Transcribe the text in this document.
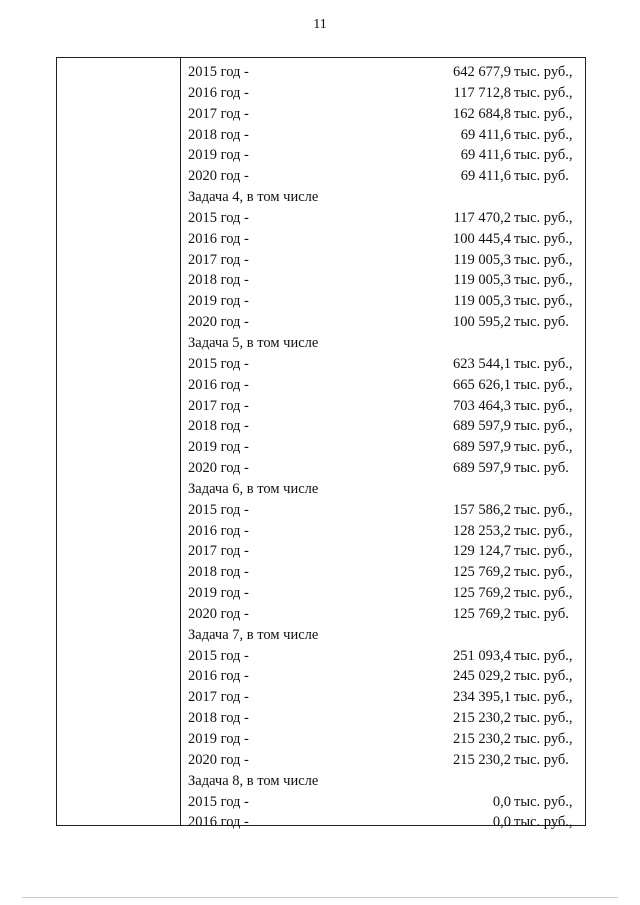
11
2015 год -	642 677,9 тыс. руб.,
2016 год -	117 712,8 тыс. руб.,
2017 год -	162 684,8 тыс. руб.,
2018 год -	69 411,6 тыс. руб.,
2019 год -	69 411,6 тыс. руб.,
2020 год -	69 411,6 тыс. руб.
Задача 4, в том числе
2015 год -	117 470,2 тыс. руб.,
2016 год -	100 445,4 тыс. руб.,
2017 год -	119 005,3 тыс. руб.,
2018 год -	119 005,3 тыс. руб.,
2019 год -	119 005,3 тыс. руб.,
2020 год -	100 595,2 тыс. руб.
Задача 5, в том числе
2015 год -	623 544,1 тыс. руб.,
2016 год -	665 626,1 тыс. руб.,
2017 год -	703 464,3 тыс. руб.,
2018 год -	689 597,9 тыс. руб.,
2019 год -	689 597,9 тыс. руб.,
2020 год -	689 597,9 тыс. руб.
Задача 6, в том числе
2015 год -	157 586,2 тыс. руб.,
2016 год -	128 253,2 тыс. руб.,
2017 год -	129 124,7 тыс. руб.,
2018 год -	125 769,2 тыс. руб.,
2019 год -	125 769,2 тыс. руб.,
2020 год -	125 769,2 тыс. руб.
Задача 7, в том числе
2015 год -	251 093,4 тыс. руб.,
2016 год -	245 029,2 тыс. руб.,
2017 год -	234 395,1 тыс. руб.,
2018 год -	215 230,2 тыс. руб.,
2019 год -	215 230,2 тыс. руб.,
2020 год -	215 230,2 тыс. руб.
Задача 8, в том числе
2015 год -	0,0 тыс. руб.,
2016 год -	0,0 тыс. руб.,
